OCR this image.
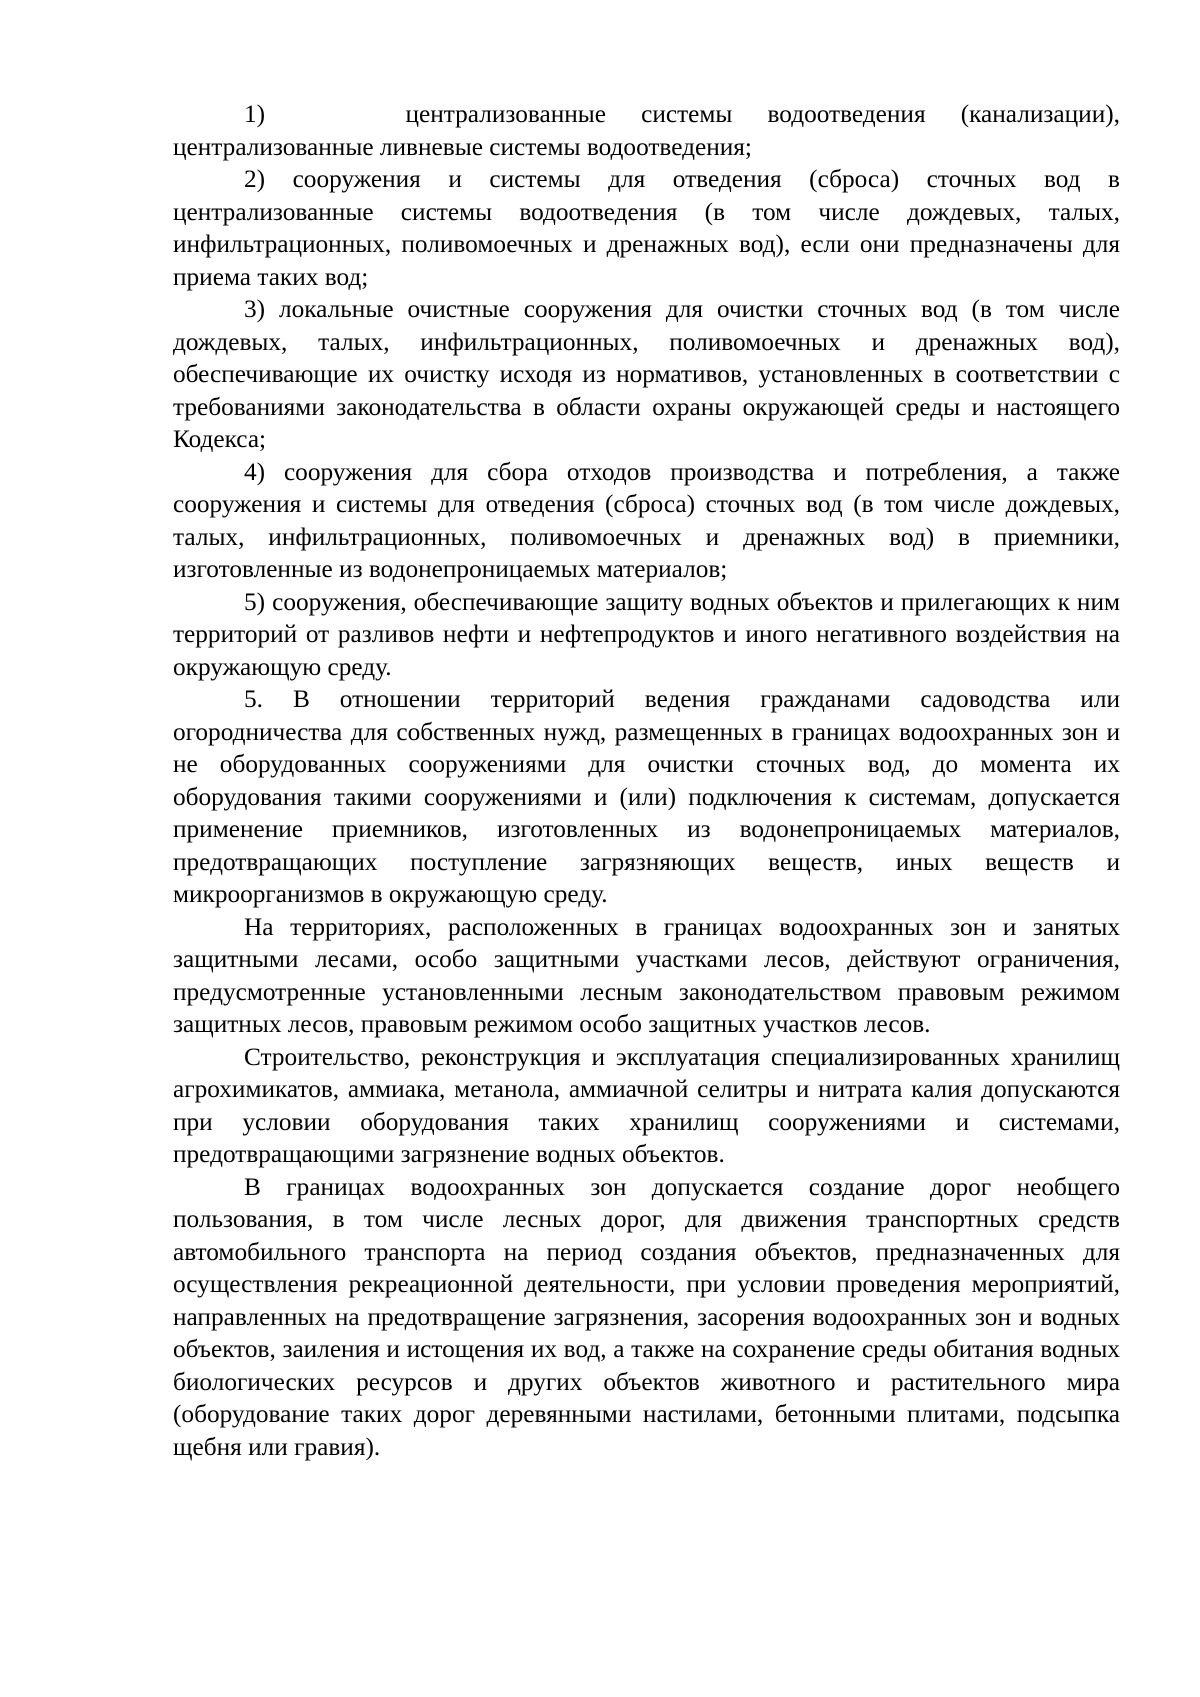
1)    централизованные системы водоотведения (канализации), централизованные ливневые системы водоотведения;

2) сооружения и системы для отведения (сброса) сточных вод в централизованные системы водоотведения (в том числе дождевых, талых, инфильтрационных, поливомоечных и дренажных вод), если они предназначены для приема таких вод;

3) локальные очистные сооружения для очистки сточных вод (в том числе дождевых, талых, инфильтрационных, поливомоечных и дренажных вод), обеспечивающие их очистку исходя из нормативов, установленных в соответствии с требованиями законодательства в области охраны окружающей среды и настоящего Кодекса;

4) сооружения для сбора отходов производства и потребления, а также сооружения и системы для отведения (сброса) сточных вод (в том числе дождевых, талых, инфильтрационных, поливомоечных и дренажных вод) в приемники, изготовленные из водонепроницаемых материалов;

5) сооружения, обеспечивающие защиту водных объектов и прилегающих к ним территорий от разливов нефти и нефтепродуктов и иного негативного воздействия на окружающую среду.

5. В отношении территорий ведения гражданами садоводства или огородничества для собственных нужд, размещенных в границах водоохранных зон и не оборудованных сооружениями для очистки сточных вод, до момента их оборудования такими сооружениями и (или) подключения к системам, допускается применение приемников, изготовленных из водонепроницаемых материалов, предотвращающих поступление загрязняющих веществ, иных веществ и микроорганизмов в окружающую среду.

На территориях, расположенных в границах водоохранных зон и занятых защитными лесами, особо защитными участками лесов, действуют ограничения, предусмотренные установленными лесным законодательством правовым режимом защитных лесов, правовым режимом особо защитных участков лесов.

Строительство, реконструкция и эксплуатация специализированных хранилищ агрохимикатов, аммиака, метанола, аммиачной селитры и нитрата калия допускаются при условии оборудования таких хранилищ сооружениями и системами, предотвращающими загрязнение водных объектов.

В границах водоохранных зон допускается создание дорог необщего пользования, в том числе лесных дорог, для движения транспортных средств автомобильного транспорта на период создания объектов, предназначенных для осуществления рекреационной деятельности, при условии проведения мероприятий, направленных на предотвращение загрязнения, засорения водоохранных зон и водных объектов, заиления и истощения их вод, а также на сохранение среды обитания водных биологических ресурсов и других объектов животного и растительного мира (оборудование таких дорог деревянными настилами, бетонными плитами, подсыпка щебня или гравия).
